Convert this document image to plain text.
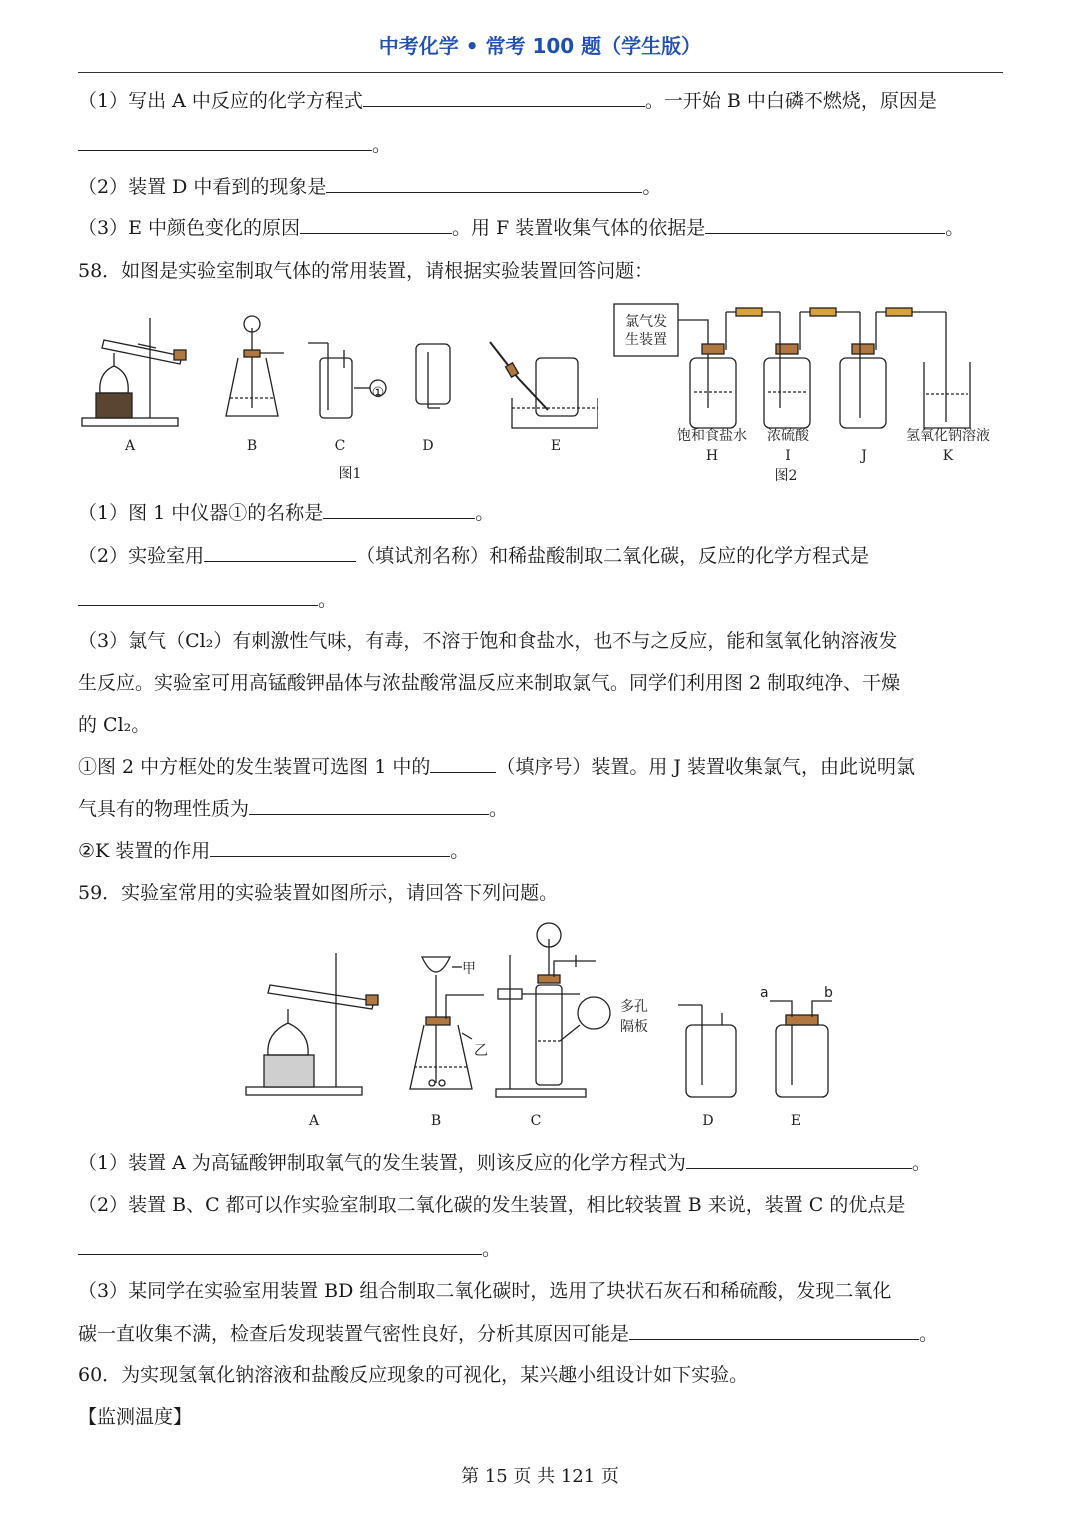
中考化学 • 常考 100 题（学生版）
（1）写出 A 中反应的化学方程式	。一开始 B 中白磷不燃烧，原因是
。
（2）装置 D 中看到的现象是	。
（3）E 中颜色变化的原因	。用 F 装置收集气体的依据是	。
58．如图是实验室制取气体的常用装置，请根据实验装置回答问题：
①
A	B	C	D	E
图1
氯气发
生装置
饱和食盐水 浓硫酸	氢氧化钠溶液
H	I	J	K
图2
（1）图 1 中仪器①的名称是	。
（2）实验室用	（填试剂名称）和稀盐酸制取二氧化碳，反应的化学方程式是
。
（3）氯气（Cl₂）有刺激性气味，有毒，不溶于饱和食盐水，也不与之反应，能和氢氧化钠溶液发
生反应。实验室可用高锰酸钾晶体与浓盐酸常温反应来制取氯气。同学们利用图 2 制取纯净、干燥
的 Cl₂。
①图 2 中方框处的发生装置可选图 1 中的	（填序号）装置。用 J 装置收集氯气，由此说明氯
气具有的物理性质为	。
②K 装置的作用	。
59．实验室常用的实验装置如图所示，请回答下列问题。
甲
乙
多孔
隔板
a	b
A	B	C	D	E
（1）装置 A 为高锰酸钾制取氧气的发生装置，则该反应的化学方程式为	。
（2）装置 B、C 都可以作实验室制取二氧化碳的发生装置，相比较装置 B 来说，装置 C 的优点是
。
（3）某同学在实验室用装置 BD 组合制取二氧化碳时，选用了块状石灰石和稀硫酸，发现二氧化
碳一直收集不满，检查后发现装置气密性良好，分析其原因可能是	。
60．为实现氢氧化钠溶液和盐酸反应现象的可视化，某兴趣小组设计如下实验。
【监测温度】
第 15 页 共 121 页
